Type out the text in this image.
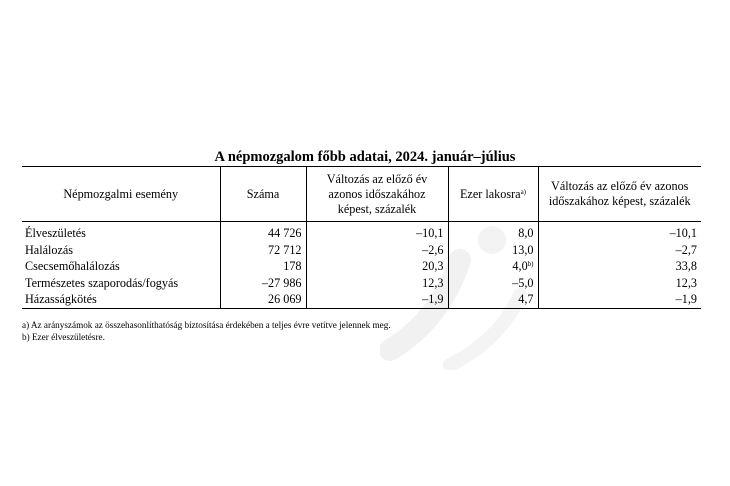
A népmozgalom főbb adatai, 2024. január–július
Népmozgalmi esemény	Száma	Változás az előző év azonos időszakához képest, százalék	Ezer lakosra$^{a)}$	Változás az előző év azonos időszakához képest, százalék
Élveszületés	44 726	–10,1	8,0	–10,1
Halálozás	72 712	–2,6	13,0	–2,7
Csecsemőhalálozás	178	20,3	4,0$^{b)}$	33,8
Természetes szaporodás/fogyás	–27 986	12,3	–5,0	12,3
Házasságkötés	26 069	–1,9	4,7	–1,9
a) Az arányszámok az összehasonlíthatóság biztosítása érdekében a teljes évre vetítve jelennek meg.
b) Ezer élveszületésre.
